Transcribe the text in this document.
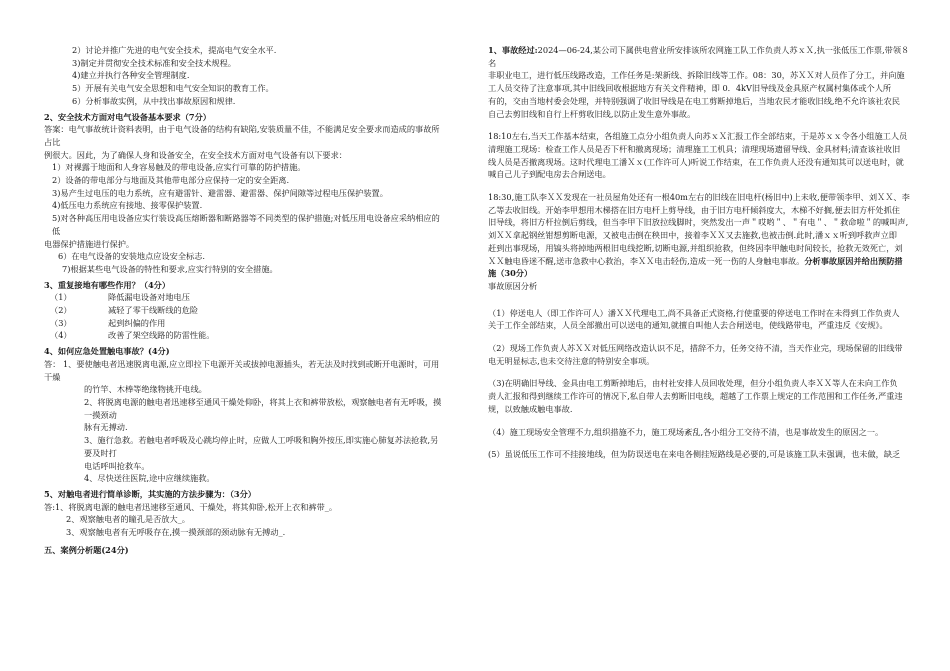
2）讨论并推广先进的电气安全技术，提高电气安全水平.

3)制定并贯彻安全技术标准和安全技术规程。

4)建立并执行各种安全管理制度.

5）开展有关电气安全思想和电气安全知识的教育工作。

6）分析事故实例，从中找出事故原因和规律.

2、安全技术方面对电气设备基本要求（7分）

答案：电气事故统计资料表明，由于电气设备的结构有缺陷,安装质量不佳，不能满足安全要求而造成的事故所占比

例很大。因此，为了确保人身和设备安全，在安全技术方面对电气设备有以下要求：

1）对裸露于地面和人身容易触及的带电设备,应实行可靠的防护措施。

2）设备的带电部分与地面及其他带电部分应保持一定的安全距离.

3)易产生过电压的电力系统，应有避雷针、避雷器、避雷器、保护间隙等过程电压保护装置。

4)低压电力系统应有接地、接零保护装置.

5)对各种高压用电设备应实行装设高压熔断器和断路器等不同类型的保护措施;对低压用电设备应采纳相应的低

电器保护措施进行保护。

6）在电气设备的安装地点应设安全标志.

7)根据某些电气设备的特性和要求,应实行特别的安全措施。

3、重复接地有哪些作用？（4分）

（1）	降低漏电设备对地电压
（2）	减轻了零干线断线的危险
（3）	起到纠偏的作用
（4）	改善了架空线路的防雷性能。

4、如何应急处置触电事故？(4分)

答： 1、要使触电者迅速脱离电源,应立即拉下电源开关或拔掉电源插头，若无法及时找到或断开电源时，可用干燥

的竹竿、木棒等绝缘物挑开电线。

2、将脱离电源的触电者迅速移至通风干燥处仰卧，将其上衣和裤带放松，观察触电者有无呼吸，摸一摸颈动

脉有无搏动.

3、施行急救。若触电者呼吸及心跳均停止时，应做人工呼吸和胸外按压,即实施心肺复苏法抢救,另要及时打

电话呼叫抢救车。

4、尽快送往医院,途中应继续施救。

5、对触电者进行简单诊断，其实施的方法步骤为：（3分）

答:1、将脱离电源的触电者迅速移至通风、干燥处，将其仰卧,松开上衣和裤带_。

2、观察触电者的瞳孔是否放大_。

3、观察触电者有无呼吸存在,摸一摸颈部的颈动脉有无搏动_.

五、案例分析题(24分)

1、事故经过:2024—06-24,某公司下属供电营业所安排该所农网施工队工作负责人苏ｘＸ,执一张低压工作票,带领８名

非职业电工，进行低压线路改造，工作任务是:架新线、拆除旧线等工作。08：30，苏ＸＸ对人员作了分工，并向施

工人员交待了注意事项,其中旧线回收根据地方有关文件精神，即 0．4kV旧导线及金具原产权属村集体或个人所

有的，交由当地村委会处理，并特别强调了收旧导线是在电工剪断掉地后，当地农民才能收旧线,绝不允许该社农民

自己去剪旧线和自行上杆剪收旧线,以防止发生意外事故。

18:10左右,当天工作基本结束，各组施工点分小组负责人向苏ｘＸ汇报工作全部结束，于是苏ｘｘ令各小组施工人员

清理施工现场：检查工作人员是否下杆和撤离现场；清理施工工机具；清理现场遗留导线、金具材料;清查该社收旧

线人员是否撤离现场。这时代理电工潘Ｘｘ(工作许可人)听说工作结束，在工作负责人还没有通知其可以送电时，就

喊自己儿子到配电房去合闸送电。

18:30,施工队李ＸＸ发现在一社员屋角处还有一根40m左右的旧线在旧电杆(杨旧中)上未收,便带领李甲、刘ＸＸ、李

乙等去收旧线。开始李甲想用木梯搭在旧方电杆上剪导线，由于旧方电杆倾斜度大，木梯不好搁,便去旧方杆处抓住

旧导线，将旧方杆拉倒后剪线，但当李甲下旧放拉线脚时，突然发出一声＂哎哟＂、＂有电＂、＂救命啦＂的喊叫声,

刘ＸＸ拿起钢丝钳想剪断电源，又被电击倒在秧田中，接着李ＸＸ又去施救,也被击倒.此时,潘ｘｘ听到呼救声立即

赶到出事现场，用镐头将掉地两根旧电线挖断,切断电源,并组织抢救，但终因李甲触电时间较长，抢救无效死亡，刘

ＸＸ触电昏迷不醒,送市急救中心救治，李ＸＸ电击轻伤,造成一死一伤的人身触电事故。分析事故原因并给出预防措

施（30分）

事故原因分析

（1）停送电人（即工作许可人）潘ＸＸ代理电工,尚不具备正式资格,行使重要的停送电工作时在未得到工作负责人

关于工作全部结束，人员全部撤出可以送电的通知,就擅自叫他人去合闸送电，使线路带电，严重违反《安规》。

（2）现场工作负责人苏ＸＸ对低压网络改造认识不足，措辞不力，任务交待不清，当天作业完，现场保留的旧线带

电无明显标志,也未交待注意的特别安全事项。

（3)在明确旧导线、金具由电工剪断掉地后，由村社安排人员回收处理，但分小组负责人李ＸＸ等人在未向工作负

责人汇报和得到继续工作许可的情况下,私自带人去剪断旧电线，超越了工作票上规定的工作范围和工作任务,严重违

规，以致触成触电事故.

（4）施工现场安全管理不力,组织措施不力，施工现场紊乱,各小组分工交待不清，也是事故发生的原因之一。

(5）虽说低压工作可不挂接地线，但为防误送电在来电各侧挂短路线是必要的,可是该施工队未强调，也未做，缺乏
